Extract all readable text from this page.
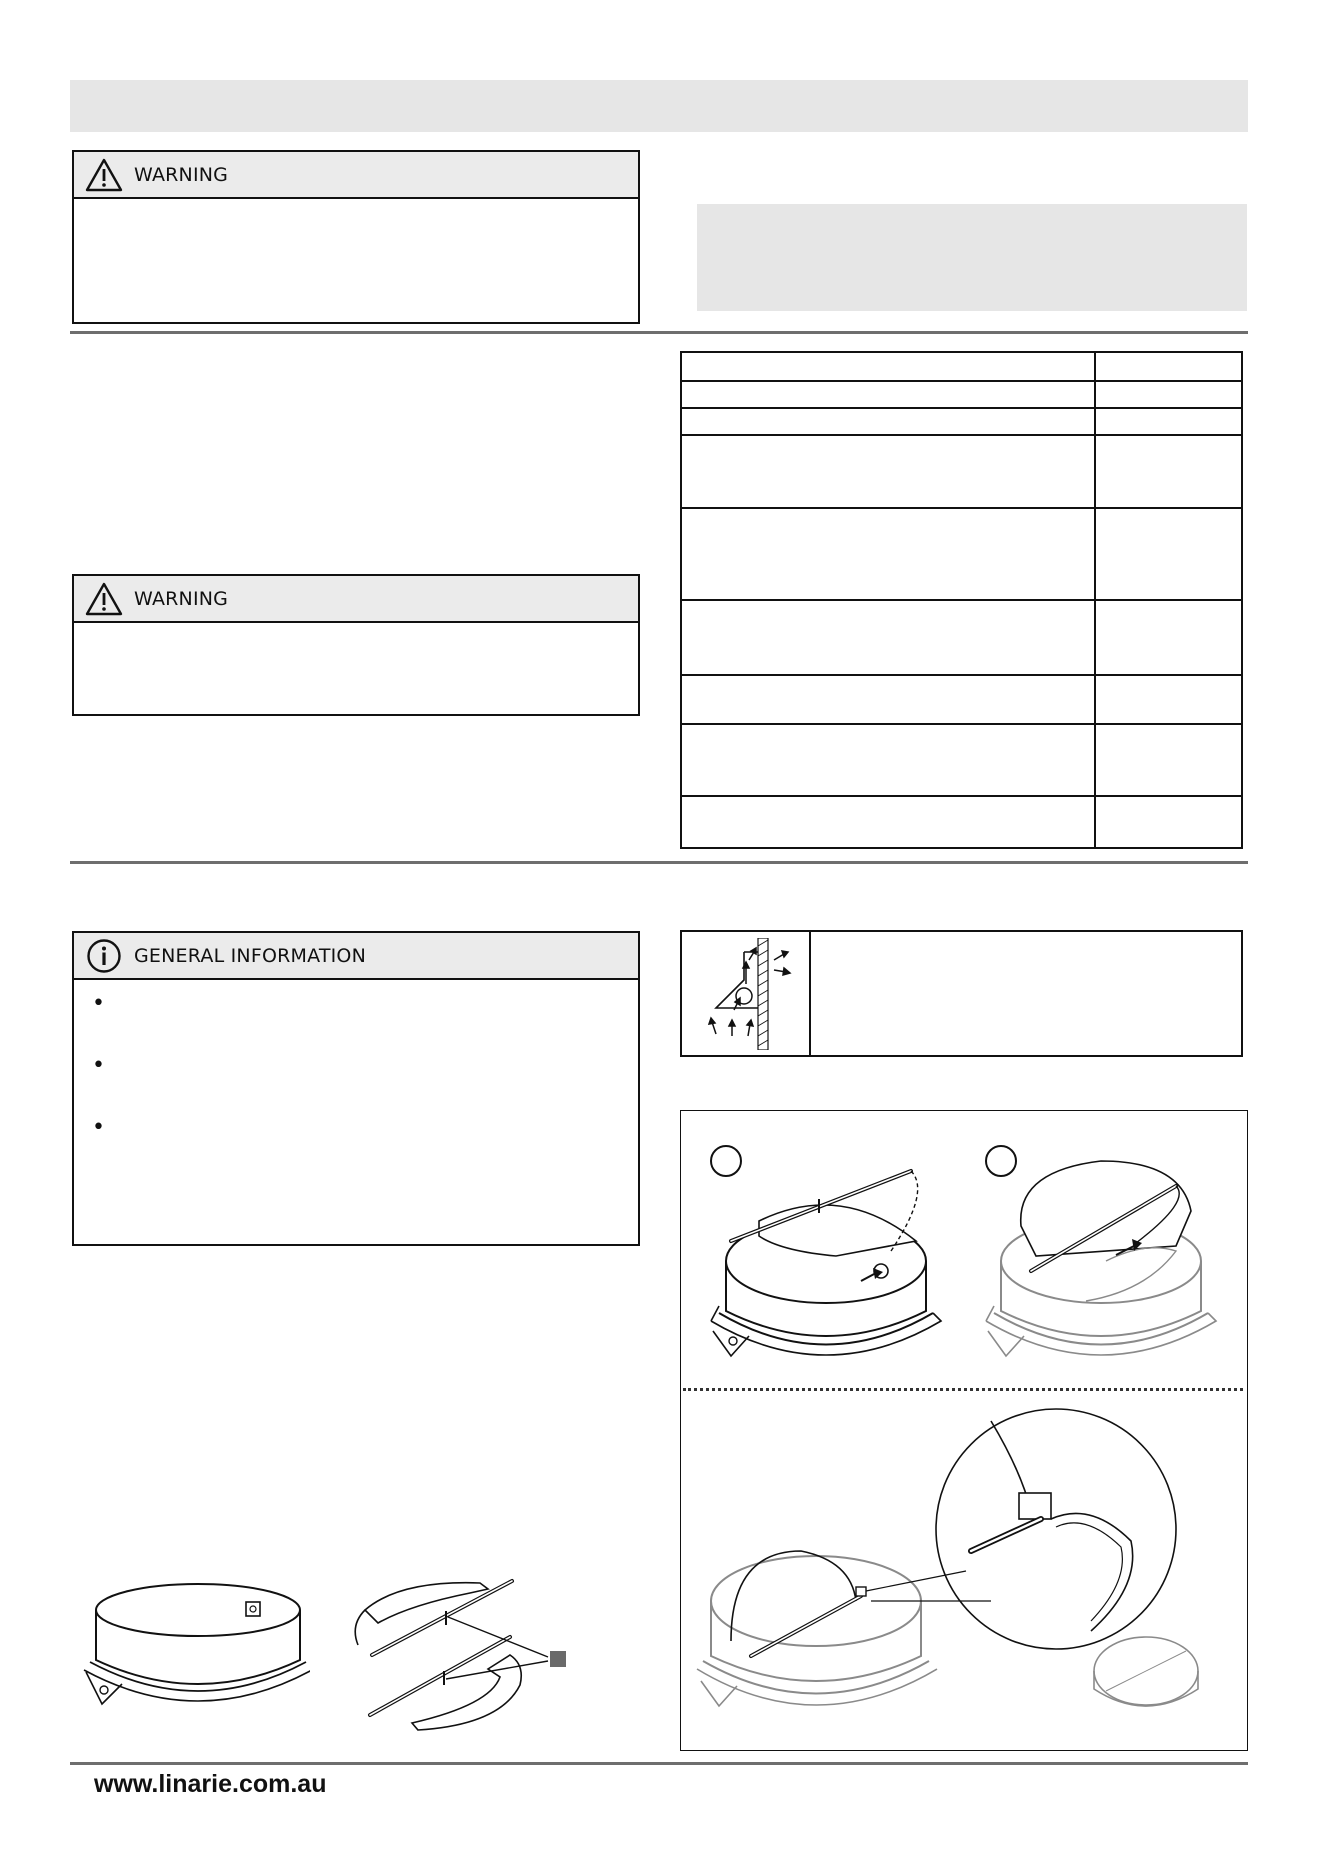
WARNING

WARNING
GENERAL INFORMATION
•
•
•
www.linarie.com.au
